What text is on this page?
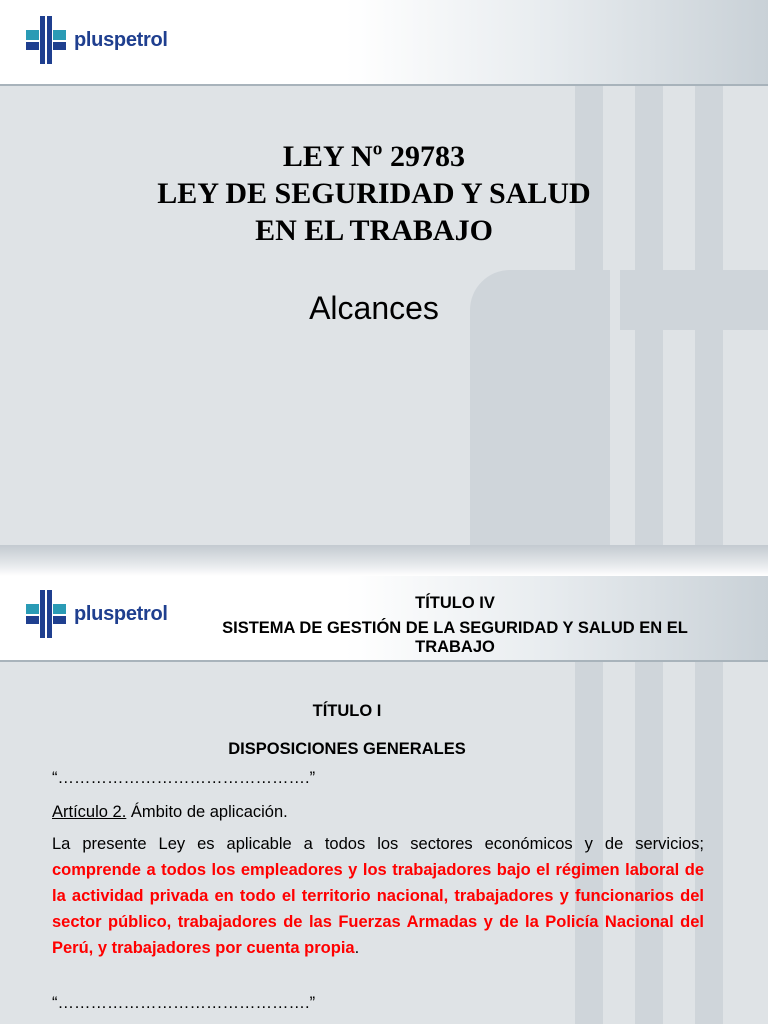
pluspetrol
LEY Nº 29783
LEY DE SEGURIDAD Y SALUD
EN EL TRABAJO
Alcances
pluspetrol	TÍTULO IV
SISTEMA DE GESTIÓN DE LA SEGURIDAD Y SALUD EN EL TRABAJO
TÍTULO I
DISPOSICIONES GENERALES
“……………………………………….”
Artículo 2. Ámbito de aplicación.
La presente Ley es aplicable a todos los sectores económicos y de servicios; comprende a todos los empleadores y los trabajadores bajo el régimen laboral de la actividad privada en todo el territorio nacional, trabajadores y funcionarios del sector público, trabajadores de las Fuerzas Armadas y de la Policía Nacional del Perú, y trabajadores por cuenta propia.
“……………………………………….”
